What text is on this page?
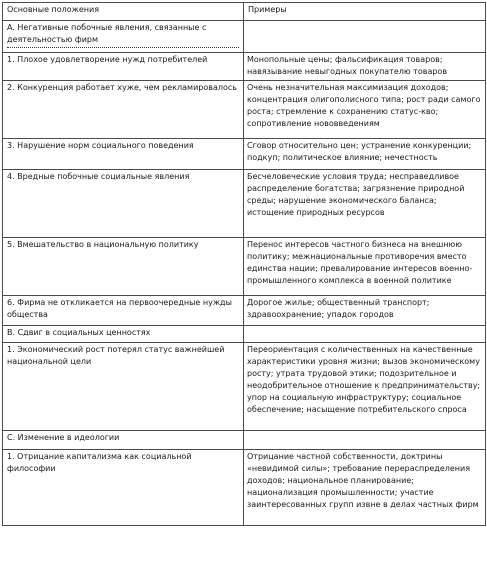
Основные положения	Примеры

A. Негативные побочные явления, связанные с деятельностью фирм	

1. Плохое удовлетворение нужд потребителей	Монопольные цены; фальсификация товаров; навязывание невыгодных покупателю товаров
2. Конкуренция работает хуже, чем рекламировалось	Очень незначительная максимизация доходов; концентрация олигополисного типа; рост ради самого роста; стремление к сохранению статус-кво; сопротивление нововведениям
3. Нарушение норм социального поведения	Сговор относительно цен; устранение конкуренции; подкуп; политическое влияние; нечестность
4. Вредные побочные социальные явления	Бесчеловеческие условия труда; несправедливое распределение богатства; загрязнение природной среды; нарушение экономического баланса; истощение природных ресурсов
5. Вмешательство в национальную политику	Перенос интересов частного бизнеса на внешнюю политику; межнациональные противоречия вместо единства нации; превалирование интересов военно-промышленного комплекса в военной политике
6. Фирма не откликается на первоочередные нужды общества	Дорогое жилье; общественный транспорт; здравоохранение; упадок городов
B. Сдвиг в социальных ценностях	
1. Экономический рост потерял статус важнейшей национальной цели	Переориентация с количественных на качественные характеристики уровня жизни; вызов экономическому росту; утрата трудовой этики; подозрительное и неодобрительное отношение к предпринимательству; упор на социальную инфраструктуру; социальное обеспечение; насыщение потребительского спроса
C. Изменение в идеологии	
1. Отрицание капитализма как социальной философии	Отрицание частной собственности, доктрины «невидимой силы»; требование перераспределения доходов; национальное планирование; национализация промышленности; участие заинтересованных групп извне в делах частных фирм
